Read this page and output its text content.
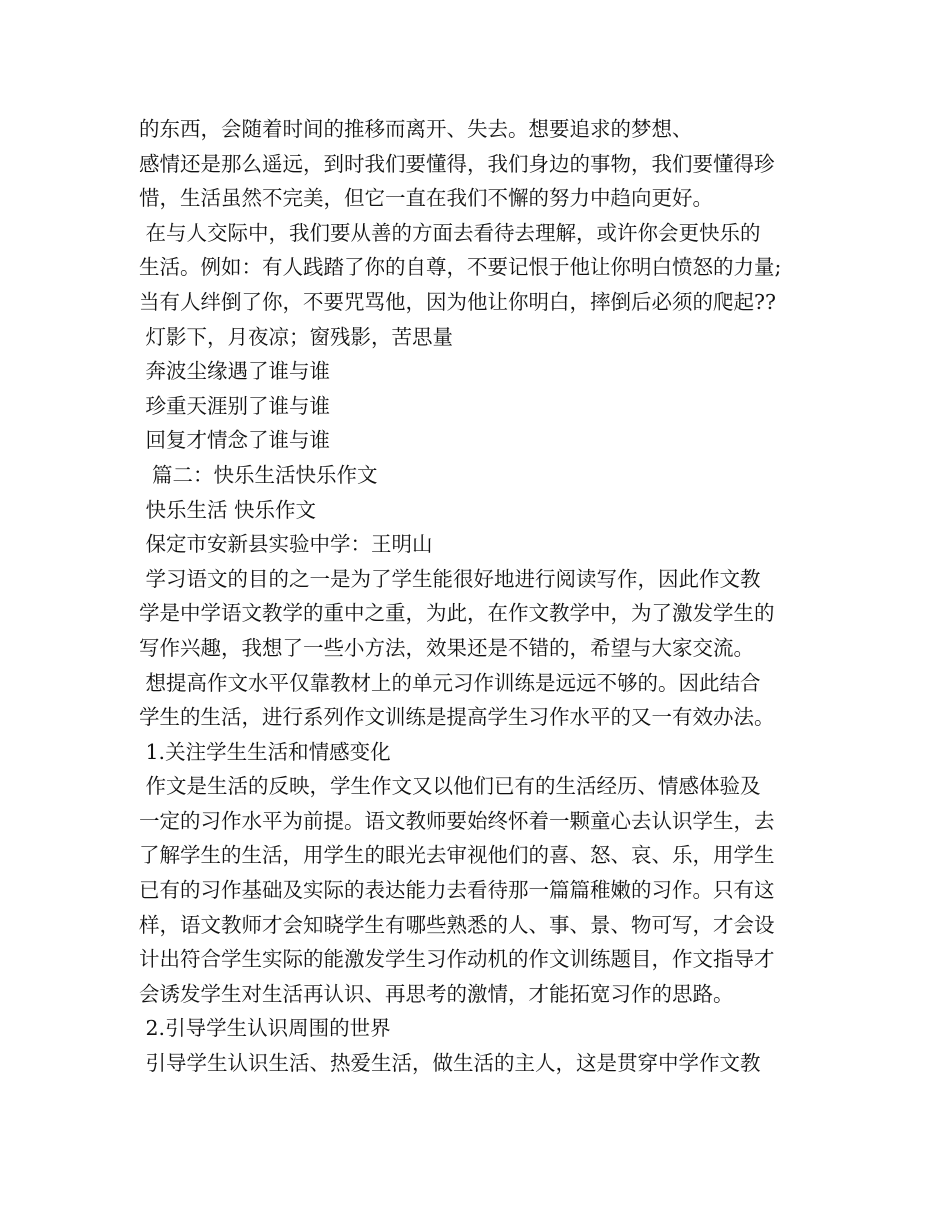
的东西，会随着时间的推移而离开、失去。想要追求的梦想、
感情还是那么遥远，到时我们要懂得，我们身边的事物，我们要懂得珍
惜，生活虽然不完美，但它一直在我们不懈的努力中趋向更好。
在与人交际中，我们要从善的方面去看待去理解，或许你会更快乐的
生活。例如：有人践踏了你的自尊，不要记恨于他让你明白愤怒的力量;
当有人绊倒了你，不要咒骂他，因为他让你明白，摔倒后必须的爬起??
灯影下，月夜凉；窗残影，苦思量
奔波尘缘遇了谁与谁
珍重天涯别了谁与谁
回复才情念了谁与谁
篇二：快乐生活快乐作文
快乐生活 快乐作文
保定市安新县实验中学：王明山
学习语文的目的之一是为了学生能很好地进行阅读写作，因此作文教
学是中学语文教学的重中之重，为此，在作文教学中，为了激发学生的
写作兴趣，我想了一些小方法，效果还是不错的，希望与大家交流。
想提高作文水平仅靠教材上的单元习作训练是远远不够的。因此结合
学生的生活，进行系列作文训练是提高学生习作水平的又一有效办法。
1.关注学生生活和情感变化
作文是生活的反映，学生作文又以他们已有的生活经历、情感体验及
一定的习作水平为前提。语文教师要始终怀着一颗童心去认识学生，去
了解学生的生活，用学生的眼光去审视他们的喜、怒、哀、乐，用学生
已有的习作基础及实际的表达能力去看待那一篇篇稚嫩的习作。只有这
样，语文教师才会知晓学生有哪些熟悉的人、事、景、物可写，才会设
计出符合学生实际的能激发学生习作动机的作文训练题目，作文指导才
会诱发学生对生活再认识、再思考的激情，才能拓宽习作的思路。
2.引导学生认识周围的世界
引导学生认识生活、热爱生活，做生活的主人，这是贯穿中学作文教
